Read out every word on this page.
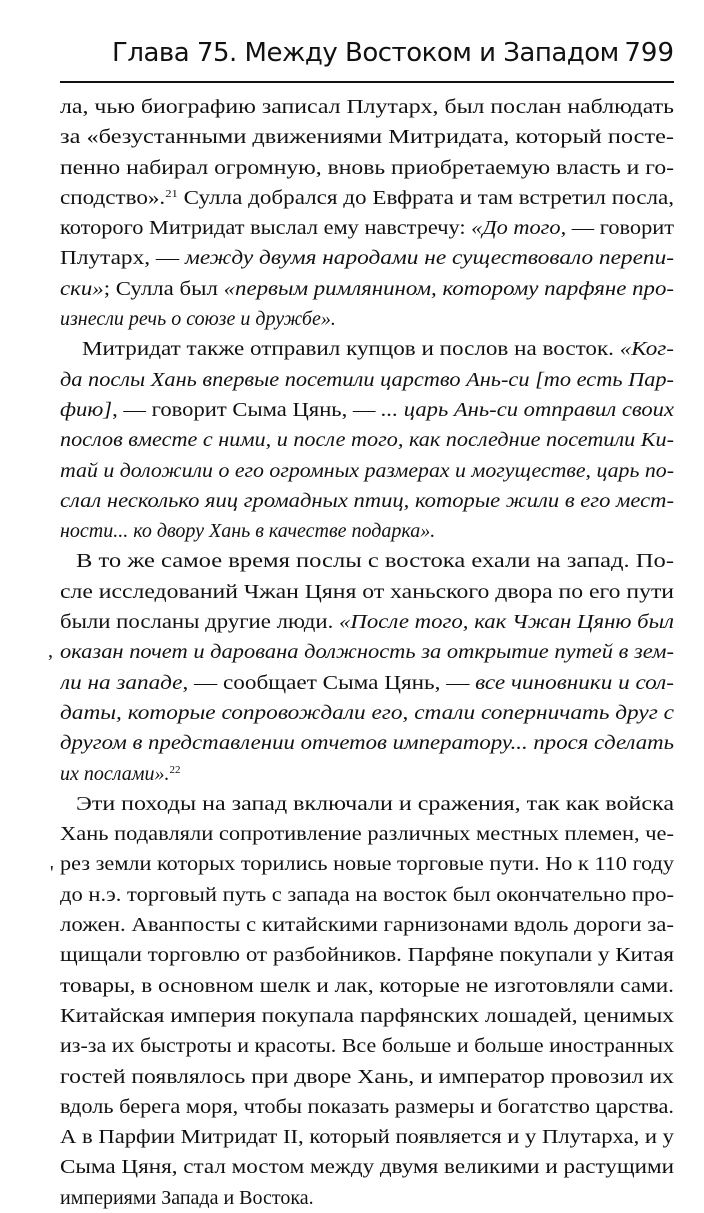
Глава 75. Между Востоком и Западом 799
ла, чью биографию записал Плутарх, был послан наблюдать
за «безустанными движениями Митридата, который посте-
пенно набирал огромную, вновь приобретаемую власть и го-
сподство».$^{21}$ Сулла добрался до Евфрата и там встретил посла,
которого Митридат выслал ему навстречу: «До того, — говорит
Плутарх, — между двумя народами не существовало перепи-
ски»; Сулла был «первым римлянином, которому парфяне про-
изнесли речь о союзе и дружбе».
Митридат также отправил купцов и послов на восток. «Ког-
да послы Хань впервые посетили царство Ань-си [то есть Пар-
фию], — говорит Сыма Цянь, — ... царь Ань-си отправил своих
послов вместе с ними, и после того, как последние посетили Ки-
тай и доложили о его огромных размерах и могуществе, царь по-
слал несколько яиц громадных птиц, которые жили в его мест-
ности... ко двору Хань в качестве подарка».
В то же самое время послы с востока ехали на запад. По-
сле исследований Чжан Цяня от ханьского двора по его пути
были посланы другие люди. «После того, как Чжан Цяню был
оказан почет и дарована должность за открытие путей в зем-
ли на западе, — сообщает Сыма Цянь, — все чиновники и сол-
даты, которые сопровождали его, стали соперничать друг с
другом в представлении отчетов императору... прося сделать
их послами».$^{22}$
Эти походы на запад включали и сражения, так как войска
Хань подавляли сопротивление различных местных племен, че-
рез земли которых торились новые торговые пути. Но к 110 году
до н.э. торговый путь с запада на восток был окончательно про-
ложен. Аванпосты с китайскими гарнизонами вдоль дороги за-
щищали торговлю от разбойников. Парфяне покупали у Китая
товары, в основном шелк и лак, которые не изготовляли сами.
Китайская империя покупала парфянских лошадей, ценимых
из-за их быстроты и красоты. Все больше и больше иностранных
гостей появлялось при дворе Хань, и император провозил их
вдоль берега моря, чтобы показать размеры и богатство царства.
А в Парфии Митридат II, который появляется и у Плутарха, и у
Сыма Цяня, стал мостом между двумя великими и растущими
империями Запада и Востока.
,
'
